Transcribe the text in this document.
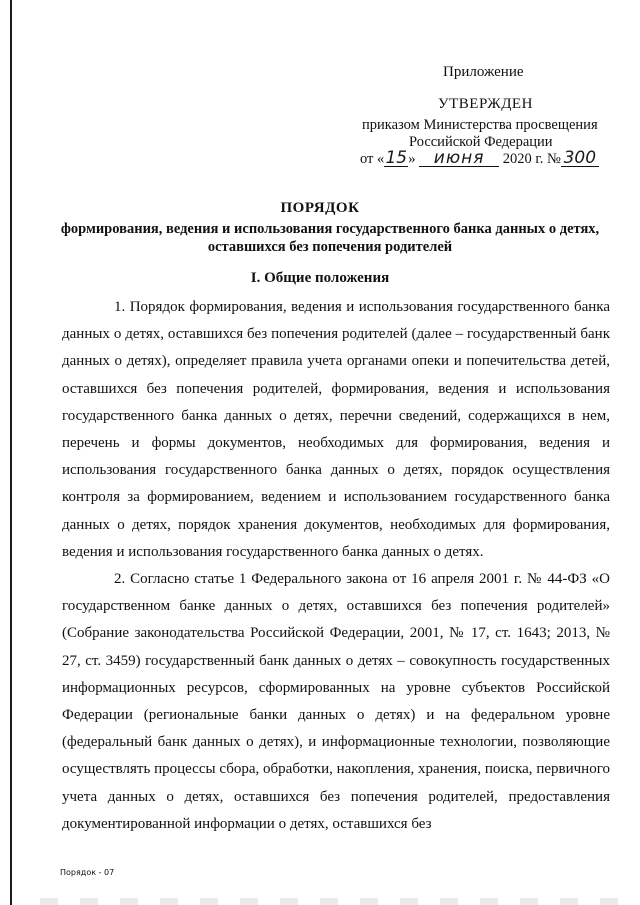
Приложение
УТВЕРЖДЕН
приказом Министерства просвещения
Российской Федерации
от «15» июня 2020 г. № 300
ПОРЯДОК
формирования, ведения и использования государственного банка данных о детях, оставшихся без попечения родителей
I. Общие положения

1. Порядок формирования, ведения и использования государственного банка данных о детях, оставшихся без попечения родителей (далее – государственный банк данных о детях), определяет правила учета органами опеки и попечительства детей, оставшихся без попечения родителей, формирования, ведения и использования государственного банка данных о детях, перечни сведений, содержащихся в нем, перечень и формы документов, необходимых для формирования, ведения и использования государственного банка данных о детях, порядок осуществления контроля за формированием, ведением и использованием государственного банка данных о детях, порядок хранения документов, необходимых для формирования, ведения и использования государственного банка данных о детях.

2. Согласно статье 1 Федерального закона от 16 апреля 2001 г. № 44-ФЗ «О государственном банке данных о детях, оставшихся без попечения родителей» (Собрание законодательства Российской Федерации, 2001, № 17, ст. 1643; 2013, № 27, ст. 3459) государственный банк данных о детях – совокупность государственных информационных ресурсов, сформированных на уровне субъектов Российской Федерации (региональные банки данных о детях) и на федеральном уровне (федеральный банк данных о детях), и информационные технологии, позволяющие осуществлять процессы сбора, обработки, накопления, хранения, поиска, первичного учета данных о детях, оставшихся без попечения родителей, предоставления документированной информации о детях, оставшихся без

Порядок - 07
